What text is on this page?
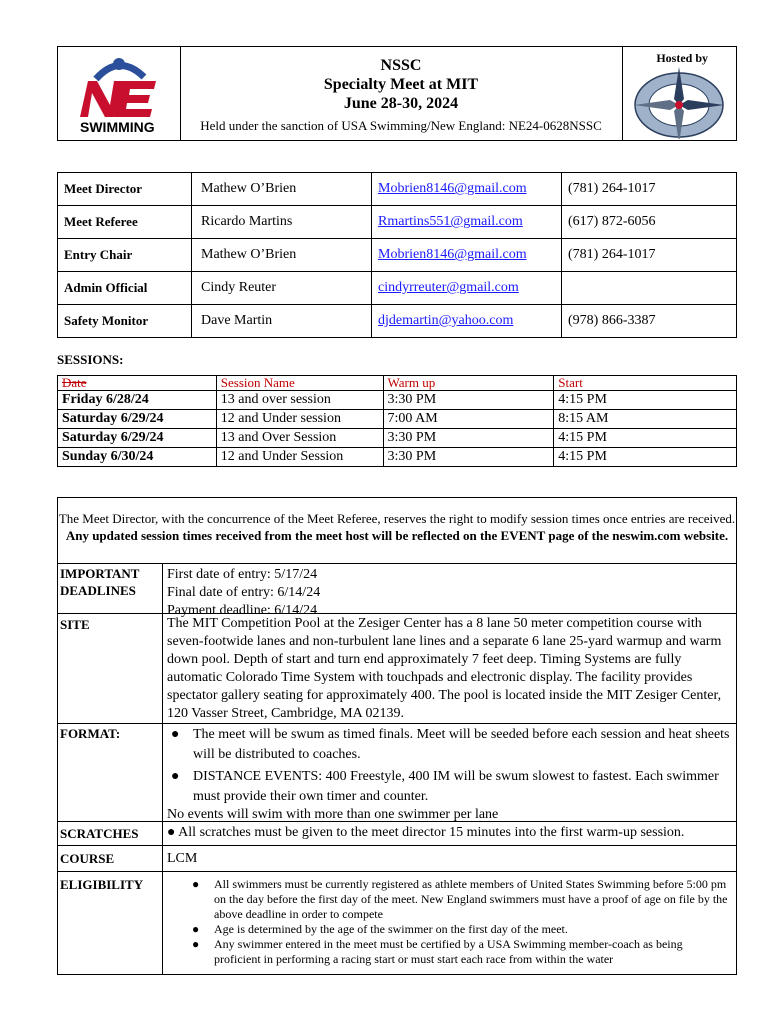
SWIMMING
NSSC
Specialty Meet at MIT
June 28-30, 2024
Held under the sanction of USA Swimming/New England: NE24-0628NSSC
Hosted by
Meet Director	Mathew O’Brien	Mobrien8146@gmail.com	(781) 264-1017
Meet Referee	Ricardo Martins	Rmartins551@gmail.com	(617) 872-6056
Entry Chair	Mathew O’Brien	Mobrien8146@gmail.com	(781) 264-1017
Admin Official	Cindy Reuter	cindyrreuter@gmail.com	
Safety Monitor	Dave Martin	djdemartin@yahoo.com	(978) 866-3387
SESSIONS:
Date	Session Name	Warm up	Start
Friday 6/28/24	13 and over session	3:30 PM	4:15 PM
Saturday 6/29/24	12 and Under session	7:00 AM	8:15 AM
Saturday 6/29/24	13 and Over Session	3:30 PM	4:15 PM
Sunday 6/30/24	12 and Under Session	3:30 PM	4:15 PM
The Meet Director, with the concurrence of the Meet Referee, reserves the right to modify session times once entries are received. Any updated session times received from the meet host will be reflected on the EVENT page of the neswim.com website.
IMPORTANT DEADLINES
First date of entry: 5/17/24
Final date of entry: 6/14/24
Payment deadline: 6/14/24
SITE	The MIT Competition Pool at the Zesiger Center has a 8 lane 50 meter competition course with seven-footwide lanes and non-turbulent lane lines and a separate 6 lane 25-yard warmup and warm down pool. Depth of start and turn end approximately 7 feet deep. Timing Systems are fully automatic Colorado Time System with touchpads and electronic display. The facility provides spectator gallery seating for approximately 400. The pool is located inside the MIT Zesiger Center, 120 Vasser Street, Cambridge, MA 02139.
FORMAT:	● The meet will be swum as timed finals. Meet will be seeded before each session and heat sheets will be distributed to coaches.
● DISTANCE EVENTS: 400 Freestyle, 400 IM will be swum slowest to fastest. Each swimmer must provide their own timer and counter.
No events will swim with more than one swimmer per lane
SCRATCHES	● All scratches must be given to the meet director 15 minutes into the first warm-up session.
COURSE	LCM
ELIGIBILITY	● All swimmers must be currently registered as athlete members of United States Swimming before 5:00 pm on the day before the first day of the meet. New England swimmers must have a proof of age on file by the above deadline in order to compete
● Age is determined by the age of the swimmer on the first day of the meet.
● Any swimmer entered in the meet must be certified by a USA Swimming member-coach as being proficient in performing a racing start or must start each race from within the water
